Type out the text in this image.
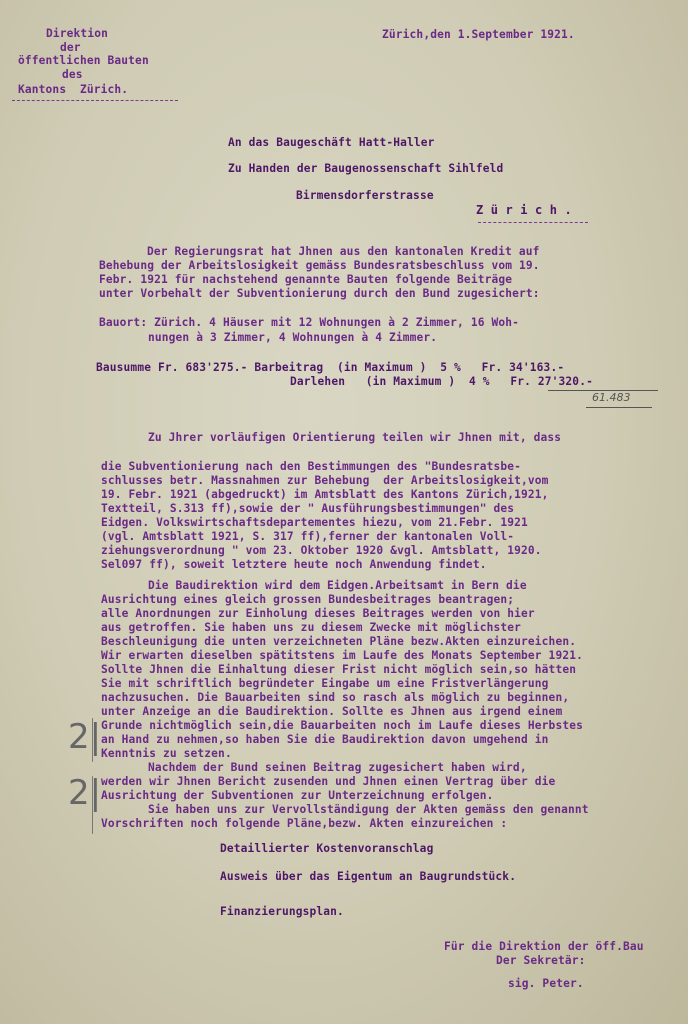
Direktion
der
öffentlichen Bauten
des
Kantons  Zürich.
Zürich,den 1.September 1921.
An das Baugeschäft Hatt-Haller
Zu Handen der Baugenossenschaft Sihlfeld
Birmensdorferstrasse
Z ü r i c h .
Der Regierungsrat hat Jhnen aus den kantonalen Kredit auf
Behebung der Arbeitslosigkeit gemäss Bundesratsbeschluss vom 19.
Febr. 1921 für nachstehend genannte Bauten folgende Beiträge
unter Vorbehalt der Subventionierung durch den Bund zugesichert:
Bauort: Zürich. 4 Häuser mit 12 Wohnungen à 2 Zimmer, 16 Woh-
nungen à 3 Zimmer, 4 Wohnungen à 4 Zimmer.
Bausumme Fr. 683'275.- Barbeitrag  (in Maximum )  5 %   Fr. 34'163.-
Darlehen   (in Maximum )  4 %   Fr. 27'320.-
61.483
Zu Jhrer vorläufigen Orientierung teilen wir Jhnen mit, dass
die Subventionierung nach den Bestimmungen des "Bundesratsbe-
schlusses betr. Massnahmen zur Behebung  der Arbeitslosigkeit,vom
19. Febr. 1921 (abgedruckt) im Amtsblatt des Kantons Zürich,1921,
Textteil, S.313 ff),sowie der " Ausführungsbestimmungen" des
Eidgen. Volkswirtschaftsdepartementes hiezu, vom 21.Febr. 1921
(vgl. Amtsblatt 1921, S. 317 ff),ferner der kantonalen Voll-
ziehungsverordnung " vom 23. Oktober 1920 &vgl. Amtsblatt, 1920.
Sel097 ff), soweit letztere heute noch Anwendung findet.
Die Baudirektion wird dem Eidgen.Arbeitsamt in Bern die
Ausrichtung eines gleich grossen Bundesbeitrages beantragen;
alle Anordnungen zur Einholung dieses Beitrages werden von hier
aus getroffen. Sie haben uns zu diesem Zwecke mit möglichster
Beschleunigung die unten verzeichneten Pläne bezw.Akten einzureichen.
Wir erwarten dieselben spätitstens im Laufe des Monats September 1921.
Sollte Jhnen die Einhaltung dieser Frist nicht möglich sein,so hätten
Sie mit schriftlich begründeter Eingabe um eine Fristverlängerung
nachzusuchen. Die Bauarbeiten sind so rasch als möglich zu beginnen,
unter Anzeige an die Baudirektion. Sollte es Jhnen aus irgend einem
Grunde nichtmöglich sein,die Bauarbeiten noch im Laufe dieses Herbstes
an Hand zu nehmen,so haben Sie die Baudirektion davon umgehend in
Kenntnis zu setzen.
Nachdem der Bund seinen Beitrag zugesichert haben wird,
werden wir Jhnen Bericht zusenden und Jhnen einen Vertrag über die
Ausrichtung der Subventionen zur Unterzeichnung erfolgen.
Sie haben uns zur Vervollständigung der Akten gemäss den genannt
Vorschriften noch folgende Pläne,bezw. Akten einzureichen :
2|
2|
Detaillierter Kostenvoranschlag
Ausweis über das Eigentum an Baugrundstück.
Finanzierungsplan.
Für die Direktion der öff.Bau
Der Sekretär:
sig. Peter.
